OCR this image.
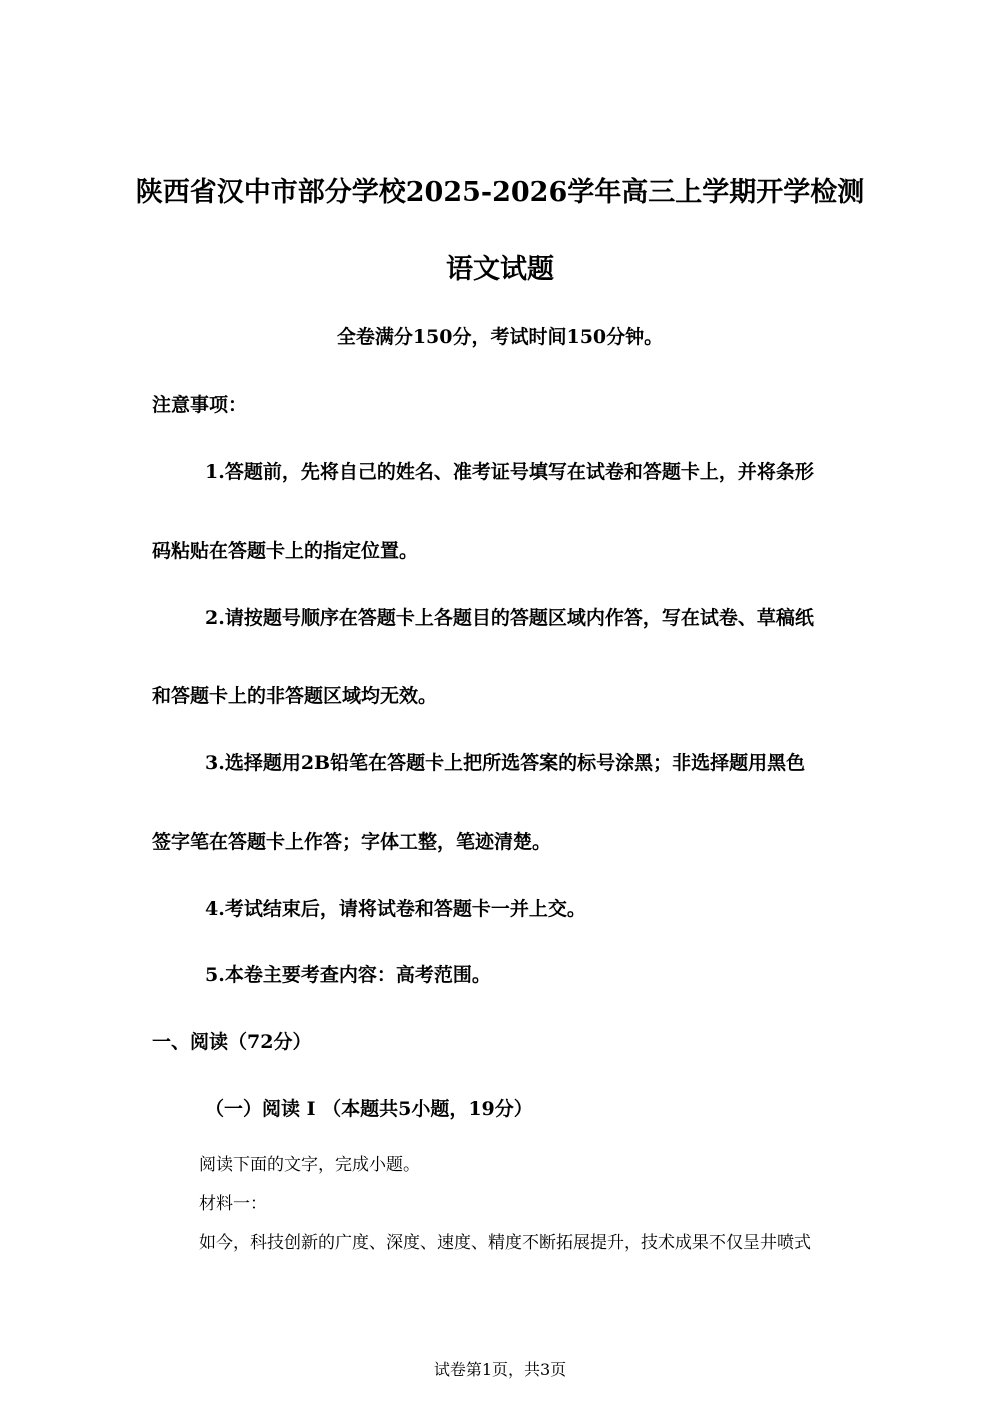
陕西省汉中市部分学校2025-2026学年高三上学期开学检测
语文试题
全卷满分150分，考试时间150分钟。
注意事项：
1.答题前，先将自己的姓名、准考证号填写在试卷和答题卡上，并将条形
码粘贴在答题卡上的指定位置。
2.请按题号顺序在答题卡上各题目的答题区域内作答，写在试卷、草稿纸
和答题卡上的非答题区域均无效。
3.选择题用2B铅笔在答题卡上把所选答案的标号涂黑；非选择题用黑色
签字笔在答题卡上作答；字体工整，笔迹清楚。
4.考试结束后，请将试卷和答题卡一并上交。
5.本卷主要考查内容：高考范围。
一、阅读（72分）
（一）阅读 I （本题共5小题，19分）
阅读下面的文字，完成小题。
材料一：
如今，科技创新的广度、深度、速度、精度不断拓展提升，技术成果不仅呈井喷式
试卷第1页，共3页
